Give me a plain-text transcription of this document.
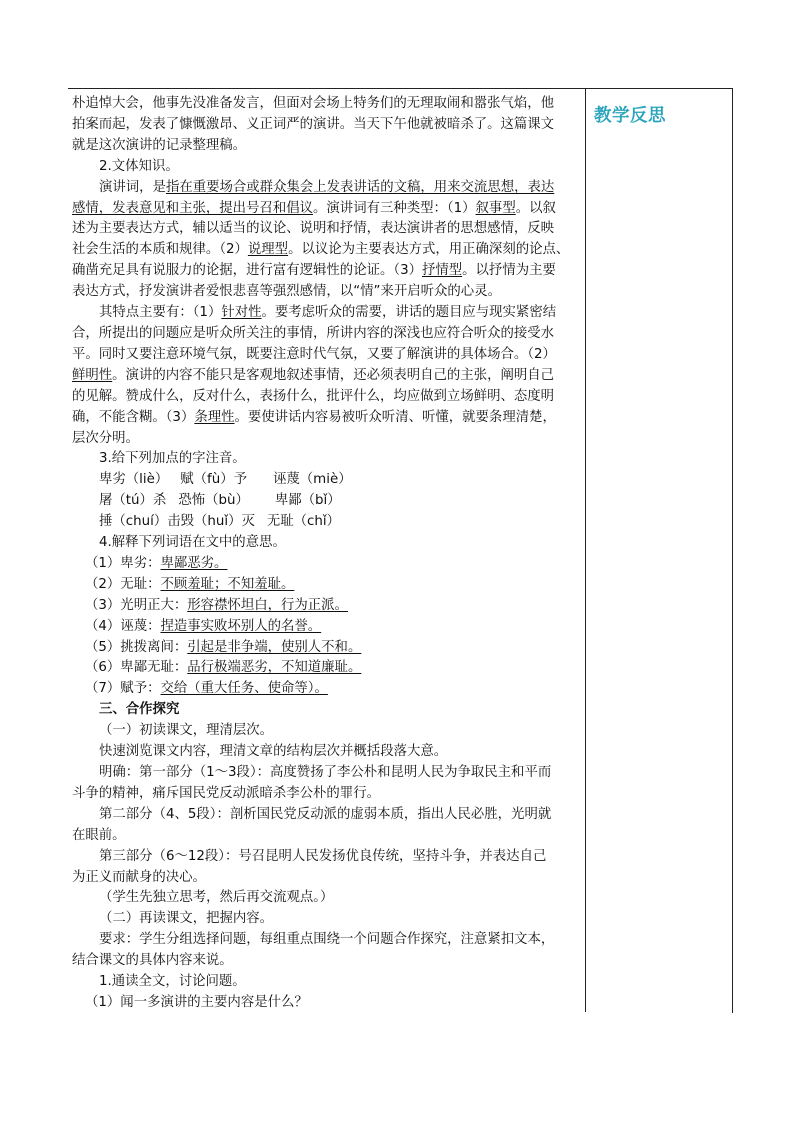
教学反思

朴追悼大会，他事先没准备发言，但面对会场上特务们的无理取闹和嚣张气焰，他

拍案而起，发表了慷慨激昂、义正词严的演讲。当天下午他就被暗杀了。这篇课文

就是这次演讲的记录整理稿。

2.文体知识。

演讲词，是指在重要场合或群众集会上发表讲话的文稿，用来交流思想，表达

感情，发表意见和主张，提出号召和倡议。演讲词有三种类型：（1）叙事型。以叙

述为主要表达方式，辅以适当的议论、说明和抒情，表达演讲者的思想感情，反映

社会生活的本质和规律。（2）说理型。以议论为主要表达方式，用正确深刻的论点、

确凿充足具有说服力的论据，进行富有逻辑性的论证。（3）抒情型。以抒情为主要

表达方式，抒发演讲者爱恨悲喜等强烈感情，以“情”来开启听众的心灵。

其特点主要有：（1）针对性。要考虑听众的需要，讲话的题目应与现实紧密结

合，所提出的问题应是听众所关注的事情，所讲内容的深浅也应符合听众的接受水

平。同时又要注意环境气氛，既要注意时代气氛，又要了解演讲的具体场合。（2）

鲜明性。演讲的内容不能只是客观地叙述事情，还必须表明自己的主张，阐明自己

的见解。赞成什么，反对什么，表扬什么，批评什么，均应做到立场鲜明、态度明

确，不能含糊。（3）条理性。要使讲话内容易被听众听清、听懂，就要条理清楚，

层次分明。

3.给下列加点的字注音。

卑劣（liè） 赋（fù）予 诬蔑（miè）

屠（tú）杀 恐怖（bù） 卑鄙（bǐ）

捶（chuí）击毁（huǐ）灭 无耻（chǐ）

4.解释下列词语在文中的意思。

（1）卑劣：卑鄙恶劣。

（2）无耻：不顾羞耻；不知羞耻。

（3）光明正大：形容襟怀坦白，行为正派。

（4）诬蔑：捏造事实败坏别人的名誉。

（5）挑拨离间：引起是非争端，使别人不和。

（6）卑鄙无耻：品行极端恶劣，不知道廉耻。

（7）赋予：交给（重大任务、使命等）。

三、合作探究

（一）初读课文，理清层次。

快速浏览课文内容，理清文章的结构层次并概括段落大意。

明确：第一部分（1～3段）：高度赞扬了李公朴和昆明人民为争取民主和平而

斗争的精神，痛斥国民党反动派暗杀李公朴的罪行。

第二部分（4、5段）：剖析国民党反动派的虚弱本质，指出人民必胜，光明就

在眼前。

第三部分（6～12段）：号召昆明人民发扬优良传统，坚持斗争，并表达自己

为正义而献身的决心。

（学生先独立思考，然后再交流观点。）

（二）再读课文，把握内容。

要求：学生分组选择问题，每组重点围绕一个问题合作探究，注意紧扣文本，

结合课文的具体内容来说。

1.通读全文，讨论问题。

（1）闻一多演讲的主要内容是什么？
